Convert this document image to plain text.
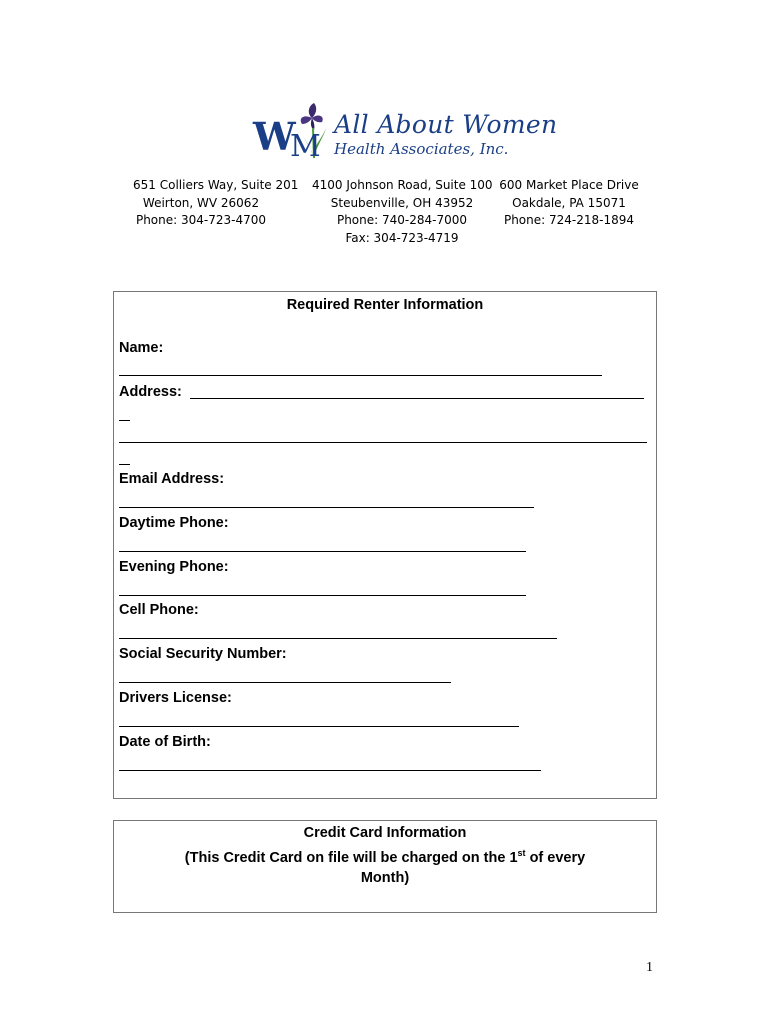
W
M
All About Women
Health Associates, Inc.
651 Colliers Way, Suite 201
Weirton, WV 26062
Phone: 304-723-4700
4100 Johnson Road, Suite 100
Steubenville, OH 43952
Phone: 740-284-7000
Fax: 304-723-4719
600 Market Place Drive
Oakdale, PA 15071
Phone: 724-218-1894
Required Renter Information
Name:
Address:
Email Address:
Daytime Phone:
Evening Phone:
Cell Phone:
Social Security Number:
Drivers License:
Date of Birth:
Credit Card Information
(This Credit Card on file will be charged on the 1st of every
Month)
1
